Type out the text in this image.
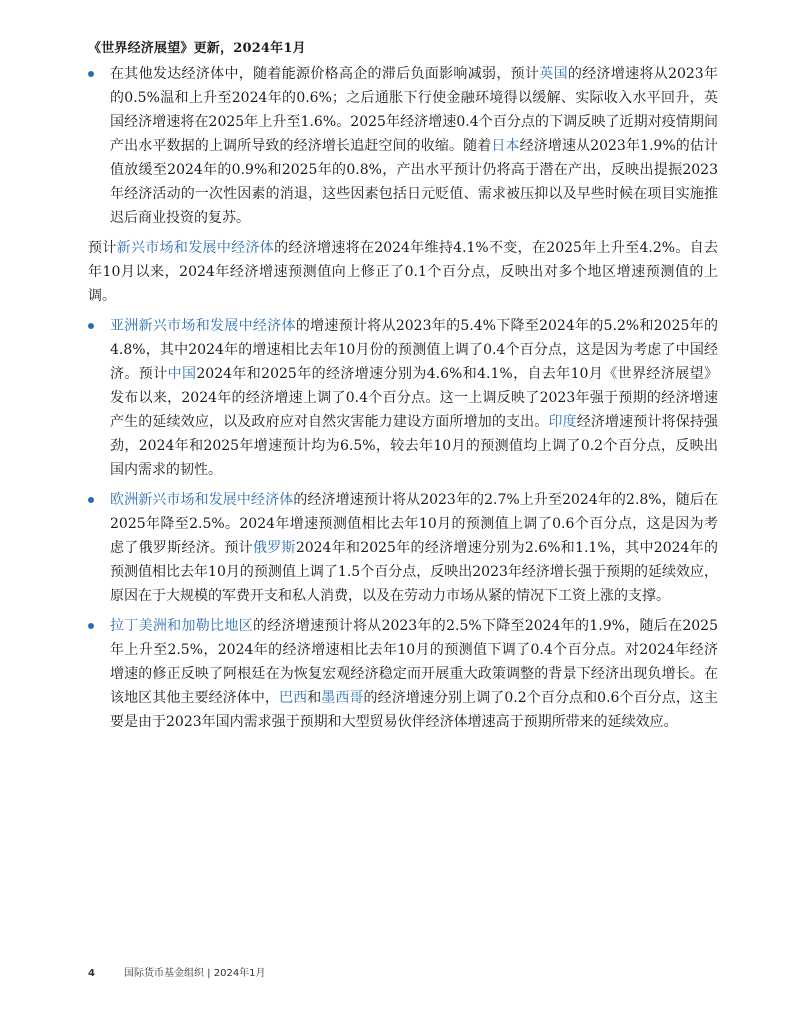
《世界经济展望》更新，2024年1月

在其他发达经济体中，随着能源价格高企的滞后负面影响减弱，预计英国的经济增速将从2023年的0.5%温和上升至2024年的0.6%；之后通胀下行使金融环境得以缓解、实际收入水平回升，英国经济增速将在2025年上升至1.6%。2025年经济增速0.4个百分点的下调反映了近期对疫情期间产出水平数据的上调所导致的经济增长追赶空间的收缩。随着日本经济增速从2023年1.9%的估计值放缓至2024年的0.9%和2025年的0.8%，产出水平预计仍将高于潜在产出，反映出提振2023年经济活动的一次性因素的消退，这些因素包括日元贬值、需求被压抑以及早些时候在项目实施推迟后商业投资的复苏。

预计新兴市场和发展中经济体的经济增速将在2024年维持4.1%不变，在2025年上升至4.2%。自去年10月以来，2024年经济增速预测值向上修正了0.1个百分点，反映出对多个地区增速预测值的上调。

亚洲新兴市场和发展中经济体的增速预计将从2023年的5.4%下降至2024年的5.2%和2025年的4.8%，其中2024年的增速相比去年10月份的预测值上调了0.4个百分点，这是因为考虑了中国经济。预计中国2024年和2025年的经济增速分别为4.6%和4.1%，自去年10月《世界经济展望》发布以来，2024年的经济增速上调了0.4个百分点。这一上调反映了2023年强于预期的经济增速产生的延续效应，以及政府应对自然灾害能力建设方面所增加的支出。印度经济增速预计将保持强劲，2024年和2025年增速预计均为6.5%，较去年10月的预测值均上调了0.2个百分点，反映出国内需求的韧性。

欧洲新兴市场和发展中经济体的经济增速预计将从2023年的2.7%上升至2024年的2.8%，随后在2025年降至2.5%。2024年增速预测值相比去年10月的预测值上调了0.6个百分点，这是因为考虑了俄罗斯经济。预计俄罗斯2024年和2025年的经济增速分别为2.6%和1.1%，其中2024年的预测值相比去年10月的预测值上调了1.5个百分点，反映出2023年经济增长强于预期的延续效应，原因在于大规模的军费开支和私人消费，以及在劳动力市场从紧的情况下工资上涨的支撑。

拉丁美洲和加勒比地区的经济增速预计将从2023年的2.5%下降至2024年的1.9%，随后在2025年上升至2.5%，2024年的经济增速相比去年10月的预测值下调了0.4个百分点。对2024年经济增速的修正反映了阿根廷在为恢复宏观经济稳定而开展重大政策调整的背景下经济出现负增长。在该地区其他主要经济体中，巴西和墨西哥的经济增速分别上调了0.2个百分点和0.6个百分点，这主要是由于2023年国内需求强于预期和大型贸易伙伴经济体增速高于预期所带来的延续效应。

4	国际货币基金组织 | 2024年1月
